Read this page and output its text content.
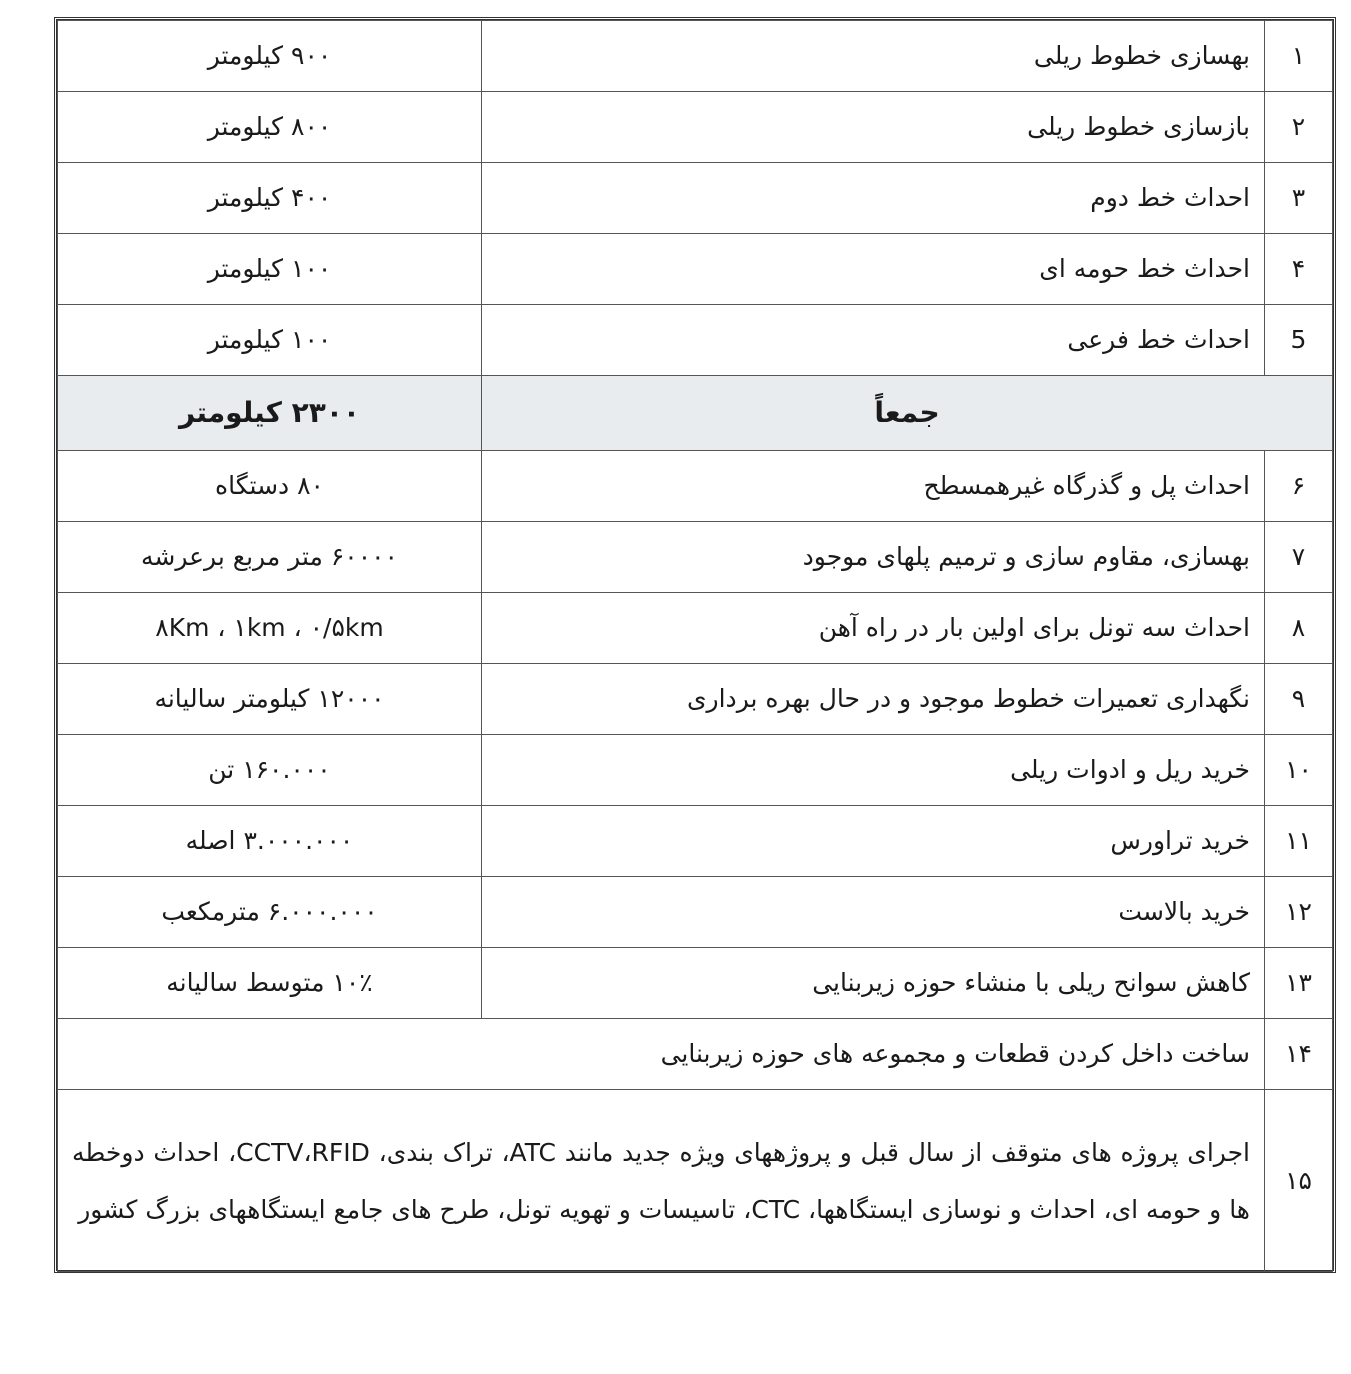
۱	بهسازی خطوط ریلی	۹۰۰ کیلومتر
۲	بازسازی خطوط ریلی	۸۰۰ کیلومتر
۳	احداث خط دوم	۴۰۰ کیلومتر
۴	احداث خط حومه ای	۱۰۰ کیلومتر
5	احداث خط فرعی	۱۰۰ کیلومتر
جمعاً		۲۳۰۰ کیلومتر
۶	احداث پل و گذرگاه غیرهمسطح	۸۰ دستگاه
۷	بهسازی، مقاوم سازی و ترمیم پلهای موجود	۶۰۰۰۰ متر مربع برعرشه
۸	احداث سه تونل برای اولین بار در راه آهن	۸Km ، ۱km ، ۰/۵km
۹	نگهداری تعمیرات خطوط موجود و در حال بهره برداری	۱۲۰۰۰ کیلومتر سالیانه
۱۰	خرید ریل و ادوات ریلی	۱۶۰.۰۰۰ تن
۱۱	خرید تراورس	۳.۰۰۰.۰۰۰ اصله
۱۲	خرید بالاست	۶.۰۰۰.۰۰۰ مترمکعب
۱۳	کاهش سوانح ریلی با منشاء حوزه زیربنایی	۱۰٪ متوسط سالیانه
۱۴	ساخت داخل کردن قطعات و مجموعه های حوزه زیربنایی	
۱۵	اجرای پروژه های متوقف از سال قبل و پروژههای ویژه جدید مانند ATC، تراک بندی، CCTV،RFID، احداث دوخطه ها و حومه ای، احداث و نوسازی ایستگاهها، CTC، تاسیسات و تهویه تونل، طرح های جامع ایستگاههای بزرگ کشور	
